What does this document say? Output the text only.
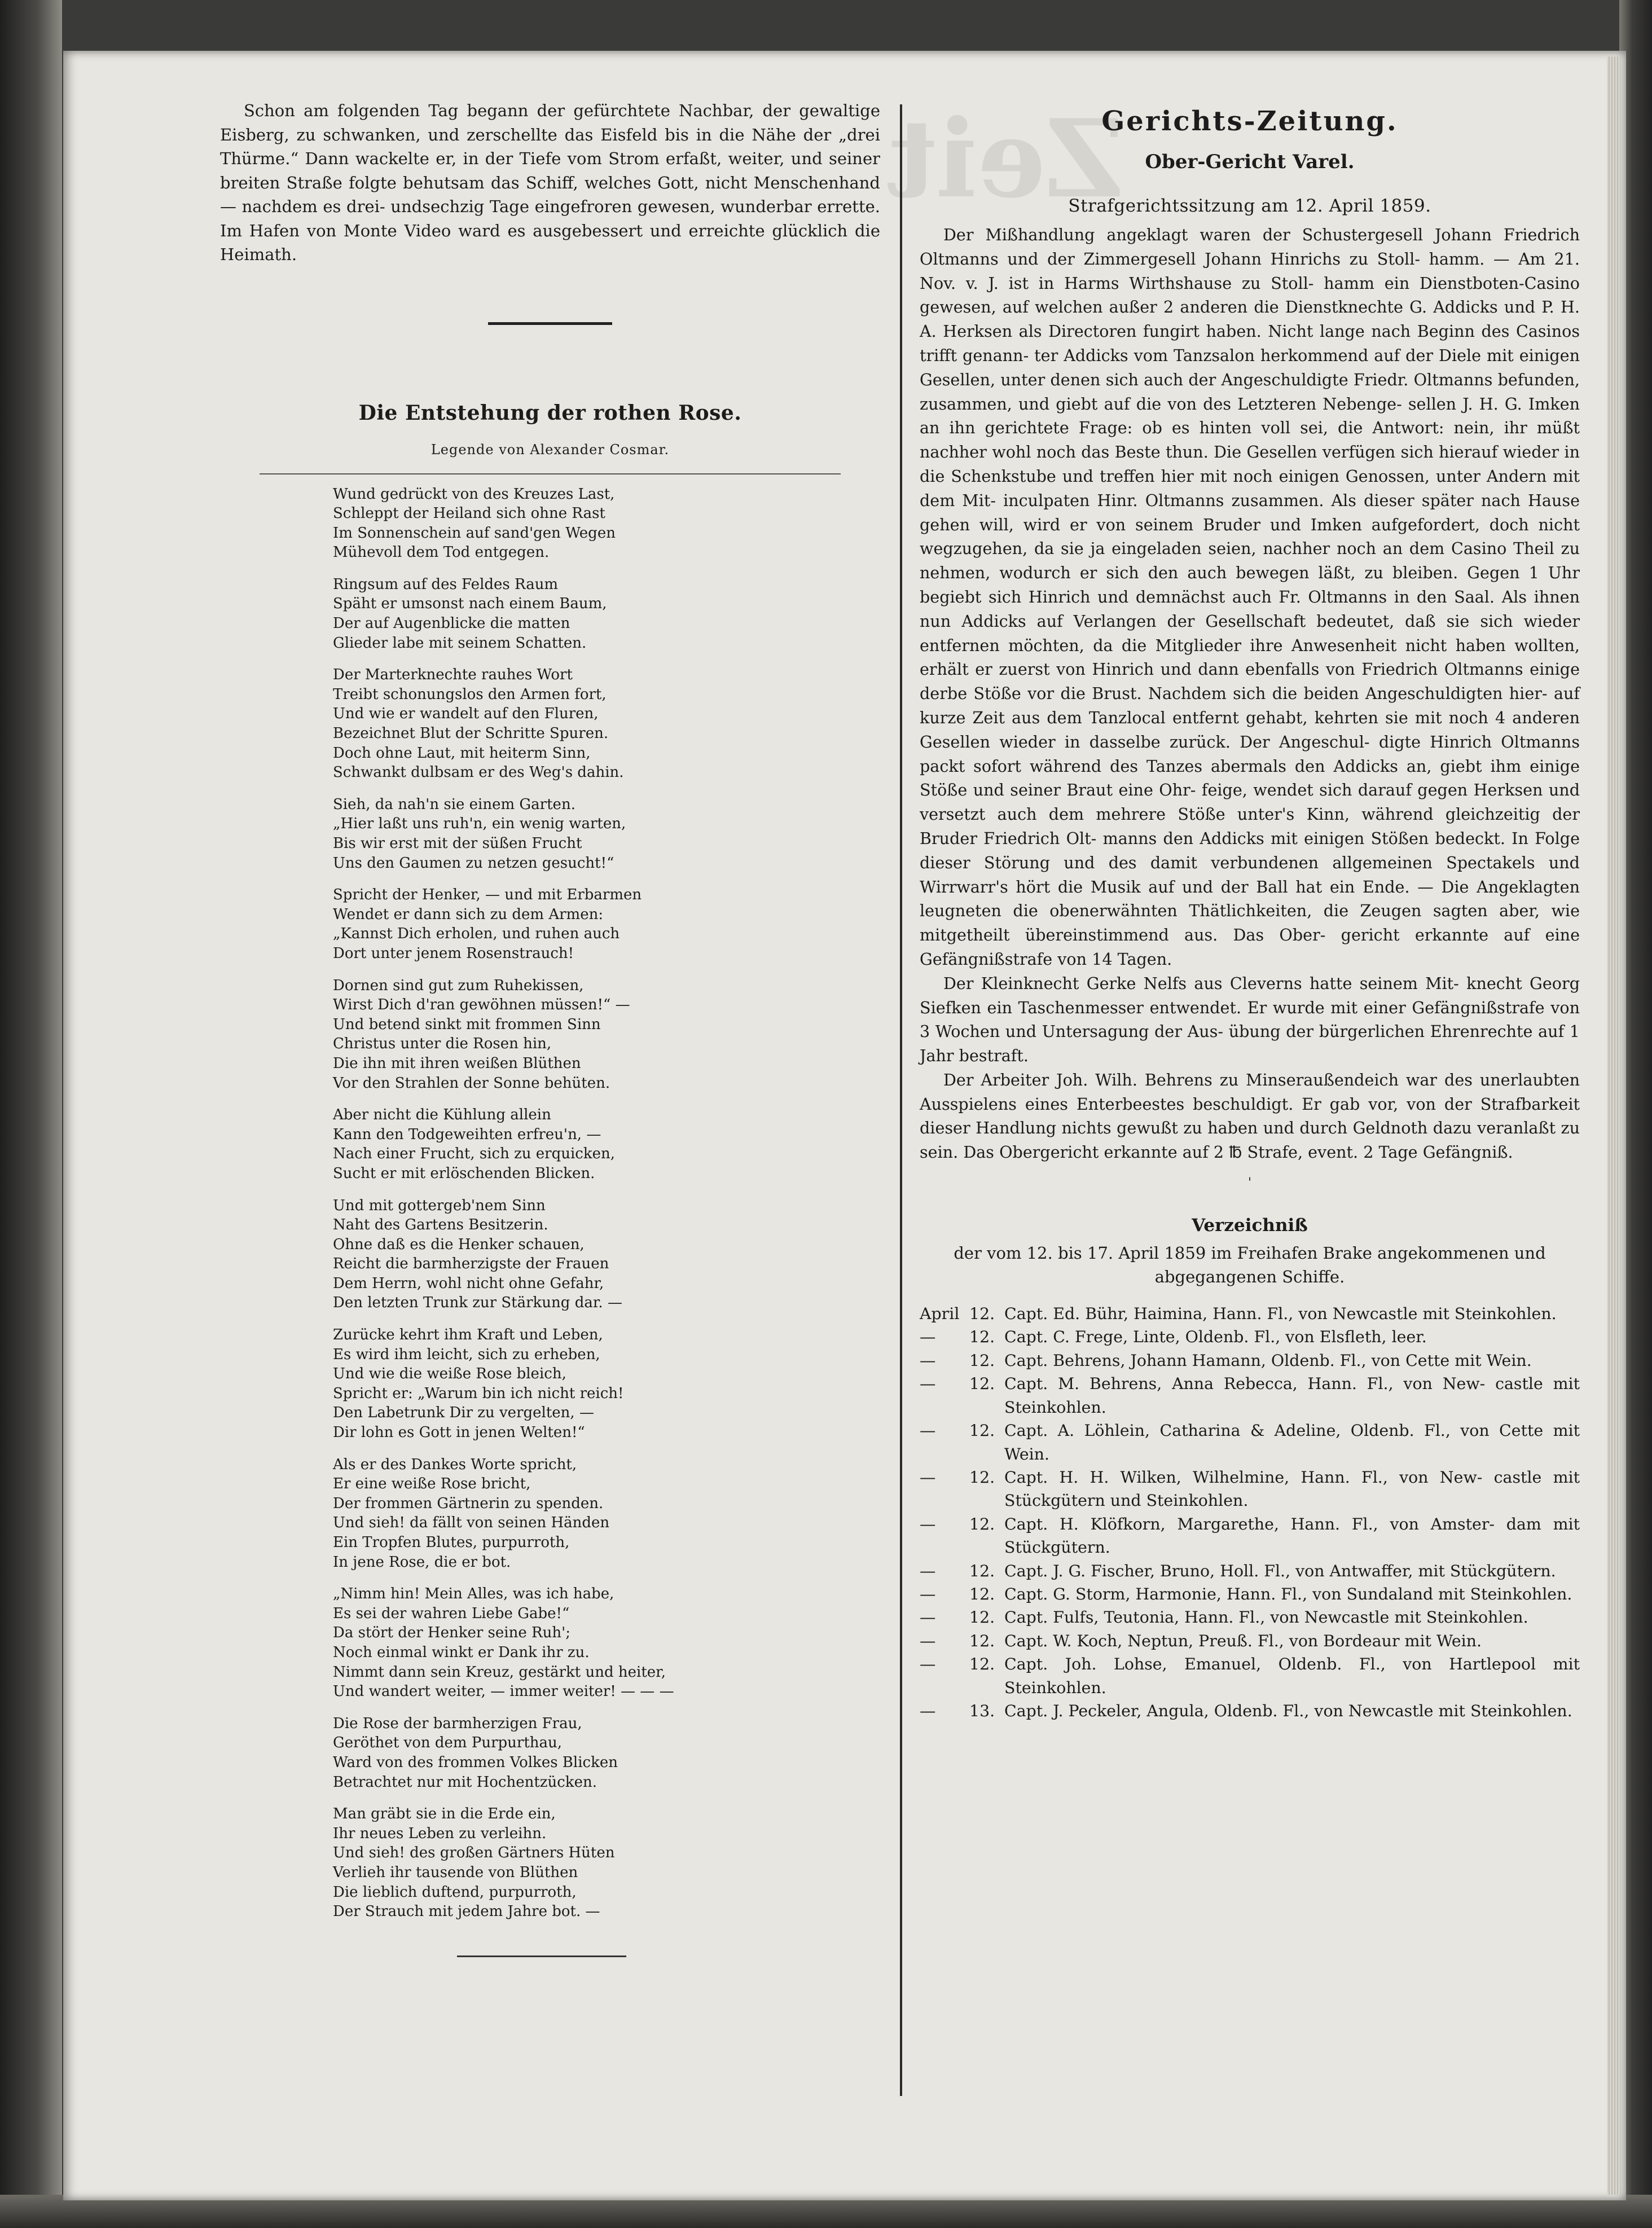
Zeit

Schon am folgenden Tag begann der gefürchtete Nachbar, der gewaltige Eisberg, zu schwanken, und zerschellte das Eisfeld bis in die Nähe der „drei Thürme.“ Dann wackelte er, in der Tiefe vom Strom erfaßt, weiter, und seiner breiten Straße folgte behutsam das Schiff, welches Gott, nicht Menschenhand — nachdem es drei- undsechzig Tage eingefroren gewesen, wunderbar errette. Im Hafen von Monte Video ward es ausgebessert und erreichte glücklich die Heimath.

Die Entstehung der rothen Rose.
Legende von Alexander Cosmar.
Wund gedrückt von des Kreuzes Last,
Schleppt der Heiland sich ohne Rast
Im Sonnenschein auf sand'gen Wegen
Mühevoll dem Tod entgegen.
Ringsum auf des Feldes Raum
Späht er umsonst nach einem Baum,
Der auf Augenblicke die matten
Glieder labe mit seinem Schatten.
Der Marterknechte rauhes Wort
Treibt schonungslos den Armen fort,
Und wie er wandelt auf den Fluren,
Bezeichnet Blut der Schritte Spuren.
Doch ohne Laut, mit heiterm Sinn,
Schwankt dulbsam er des Weg's dahin.
Sieh, da nah'n sie einem Garten.
„Hier laßt uns ruh'n, ein wenig warten,
Bis wir erst mit der süßen Frucht
Uns den Gaumen zu netzen gesucht!“
Spricht der Henker, — und mit Erbarmen
Wendet er dann sich zu dem Armen:
„Kannst Dich erholen, und ruhen auch
Dort unter jenem Rosenstrauch!
Dornen sind gut zum Ruhekissen,
Wirst Dich d'ran gewöhnen müssen!“ —
Und betend sinkt mit frommen Sinn
Christus unter die Rosen hin,
Die ihn mit ihren weißen Blüthen
Vor den Strahlen der Sonne behüten.
Aber nicht die Kühlung allein
Kann den Todgeweihten erfreu'n, —
Nach einer Frucht, sich zu erquicken,
Sucht er mit erlöschenden Blicken.
Und mit gottergeb'nem Sinn
Naht des Gartens Besitzerin.
Ohne daß es die Henker schauen,
Reicht die barmherzigste der Frauen
Dem Herrn, wohl nicht ohne Gefahr,
Den letzten Trunk zur Stärkung dar. —
Zurücke kehrt ihm Kraft und Leben,
Es wird ihm leicht, sich zu erheben,
Und wie die weiße Rose bleich,
Spricht er: „Warum bin ich nicht reich!
Den Labetrunk Dir zu vergelten, —
Dir lohn es Gott in jenen Welten!“
Als er des Dankes Worte spricht,
Er eine weiße Rose bricht,
Der frommen Gärtnerin zu spenden.
Und sieh! da fällt von seinen Händen
Ein Tropfen Blutes, purpurroth,
In jene Rose, die er bot.
„Nimm hin! Mein Alles, was ich habe,
Es sei der wahren Liebe Gabe!“
Da stört der Henker seine Ruh';
Noch einmal winkt er Dank ihr zu.
Nimmt dann sein Kreuz, gestärkt und heiter,
Und wandert weiter, — immer weiter! — — —
Die Rose der barmherzigen Frau,
Geröthet von dem Purpurthau,
Ward von des frommen Volkes Blicken
Betrachtet nur mit Hochentzücken.
Man gräbt sie in die Erde ein,
Ihr neues Leben zu verleihn.
Und sieh! des großen Gärtners Hüten
Verlieh ihr tausende von Blüthen
Die lieblich duftend, purpurroth,
Der Strauch mit jedem Jahre bot. —
Gerichts-Zeitung.
Ober-Gericht Varel.
Strafgerichtssitzung am 12. April 1859.

Der Mißhandlung angeklagt waren der Schustergesell Johann Friedrich Oltmanns und der Zimmergesell Johann Hinrichs zu Stoll- hamm. — Am 21. Nov. v. J. ist in Harms Wirthshause zu Stoll- hamm ein Dienstboten-Casino gewesen, auf welchen außer 2 anderen die Dienstknechte G. Addicks und P. H. A. Herksen als Directoren fungirt haben. Nicht lange nach Beginn des Casinos trifft genann- ter Addicks vom Tanzsalon herkommend auf der Diele mit einigen Gesellen, unter denen sich auch der Angeschuldigte Friedr. Oltmanns befunden, zusammen, und giebt auf die von des Letzteren Nebenge- sellen J. H. G. Imken an ihn gerichtete Frage: ob es hinten voll sei, die Antwort: nein, ihr müßt nachher wohl noch das Beste thun. Die Gesellen verfügen sich hierauf wieder in die Schenkstube und treffen hier mit noch einigen Genossen, unter Andern mit dem Mit- inculpaten Hinr. Oltmanns zusammen. Als dieser später nach Hause gehen will, wird er von seinem Bruder und Imken aufgefordert, doch nicht wegzugehen, da sie ja eingeladen seien, nachher noch an dem Casino Theil zu nehmen, wodurch er sich den auch bewegen läßt, zu bleiben. Gegen 1 Uhr begiebt sich Hinrich und demnächst auch Fr. Oltmanns in den Saal. Als ihnen nun Addicks auf Verlangen der Gesellschaft bedeutet, daß sie sich wieder entfernen möchten, da die Mitglieder ihre Anwesenheit nicht haben wollten, erhält er zuerst von Hinrich und dann ebenfalls von Friedrich Oltmanns einige derbe Stöße vor die Brust. Nachdem sich die beiden Angeschuldigten hier- auf kurze Zeit aus dem Tanzlocal entfernt gehabt, kehrten sie mit noch 4 anderen Gesellen wieder in dasselbe zurück. Der Angeschul- digte Hinrich Oltmanns packt sofort während des Tanzes abermals den Addicks an, giebt ihm einige Stöße und seiner Braut eine Ohr- feige, wendet sich darauf gegen Herksen und versetzt auch dem mehrere Stöße unter's Kinn, während gleichzeitig der Bruder Friedrich Olt- manns den Addicks mit einigen Stößen bedeckt. In Folge dieser Störung und des damit verbundenen allgemeinen Spectakels und Wirrwarr's hört die Musik auf und der Ball hat ein Ende. — Die Angeklagten leugneten die obenerwähnten Thätlichkeiten, die Zeugen sagten aber, wie mitgetheilt übereinstimmend aus. Das Ober- gericht erkannte auf eine Gefängnißstrafe von 14 Tagen.

Der Kleinknecht Gerke Nelfs aus Cleverns hatte seinem Mit- knecht Georg Siefken ein Taschenmesser entwendet. Er wurde mit einer Gefängnißstrafe von 3 Wochen und Untersagung der Aus- übung der bürgerlichen Ehrenrechte auf 1 Jahr bestraft.

Der Arbeiter Joh. Wilh. Behrens zu Minseraußendeich war des unerlaubten Ausspielens eines Enterbeestes beschuldigt. Er gab vor, von der Strafbarkeit dieser Handlung nichts gewußt zu haben und durch Geldnoth dazu veranlaßt zu sein. Das Obergericht erkannte auf 2 ℔ Strafe, event. 2 Tage Gefängniß.

'
Verzeichniß
der vom 12. bis 17. April 1859 im Freihafen Brake angekommenen und abgegangenen Schiffe.
April 12. Capt. Ed. Bühr, Haimina, Hann. Fl., von Newcastle mit Steinkohlen.
—	12. Capt. C. Frege, Linte, Oldenb. Fl., von Elsfleth, leer.
—	12. Capt. Behrens, Johann Hamann, Oldenb. Fl., von Cette mit Wein.
—	12. Capt. M. Behrens, Anna Rebecca, Hann. Fl., von New- castle mit Steinkohlen.
—	12. Capt. A. Löhlein, Catharina & Adeline, Oldenb. Fl., von Cette mit Wein.
—	12. Capt. H. H. Wilken, Wilhelmine, Hann. Fl., von New- castle mit Stückgütern und Steinkohlen.
—	12. Capt. H. Klöfkorn, Margarethe, Hann. Fl., von Amster- dam mit Stückgütern.
—	12. Capt. J. G. Fischer, Bruno, Holl. Fl., von Antwaffer, mit Stückgütern.
—	12. Capt. G. Storm, Harmonie, Hann. Fl., von Sundaland mit Steinkohlen.
—	12. Capt. Fulfs, Teutonia, Hann. Fl., von Newcastle mit Steinkohlen.
—	12. Capt. W. Koch, Neptun, Preuß. Fl., von Bordeaur mit Wein.
—	12. Capt. Joh. Lohse, Emanuel, Oldenb. Fl., von Hartlepool mit Steinkohlen.
—	13. Capt. J. Peckeler, Angula, Oldenb. Fl., von Newcastle mit Steinkohlen.
